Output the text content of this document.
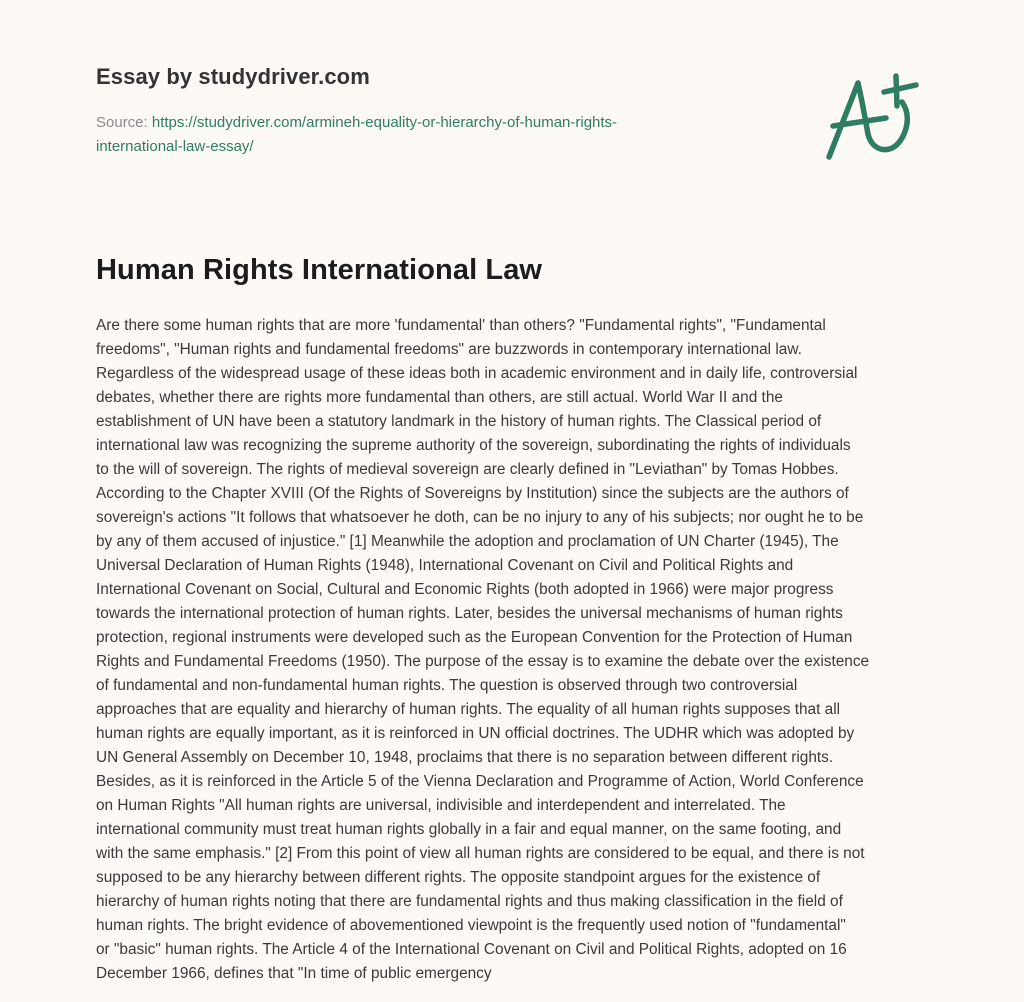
Essay by studydriver.com
Source: https://studydriver.com/armineh-equality-or-hierarchy-of-human-rights-
international-law-essay/
Human Rights International Law
Are there some human rights that are more 'fundamental' than others? "Fundamental rights", "Fundamental
freedoms", "Human rights and fundamental freedoms" are buzzwords in contemporary international law.
Regardless of the widespread usage of these ideas both in academic environment and in daily life, controversial
debates, whether there are rights more fundamental than others, are still actual. World War II and the
establishment of UN have been a statutory landmark in the history of human rights. The Classical period of
international law was recognizing the supreme authority of the sovereign, subordinating the rights of individuals
to the will of sovereign. The rights of medieval sovereign are clearly defined in "Leviathan" by Tomas Hobbes.
According to the Chapter XVIII (Of the Rights of Sovereigns by Institution) since the subjects are the authors of
sovereign's actions "It follows that whatsoever he doth, can be no injury to any of his subjects; nor ought he to be
by any of them accused of injustice." [1] Meanwhile the adoption and proclamation of UN Charter (1945), The
Universal Declaration of Human Rights (1948), International Covenant on Civil and Political Rights and
International Covenant on Social, Cultural and Economic Rights (both adopted in 1966) were major progress
towards the international protection of human rights. Later, besides the universal mechanisms of human rights
protection, regional instruments were developed such as the European Convention for the Protection of Human
Rights and Fundamental Freedoms (1950). The purpose of the essay is to examine the debate over the existence
of fundamental and non-fundamental human rights. The question is observed through two controversial
approaches that are equality and hierarchy of human rights. The equality of all human rights supposes that all
human rights are equally important, as it is reinforced in UN official doctrines. The UDHR which was adopted by
UN General Assembly on December 10, 1948, proclaims that there is no separation between different rights.
Besides, as it is reinforced in the Article 5 of the Vienna Declaration and Programme of Action, World Conference
on Human Rights "All human rights are universal, indivisible and interdependent and interrelated. The
international community must treat human rights globally in a fair and equal manner, on the same footing, and
with the same emphasis." [2] From this point of view all human rights are considered to be equal, and there is not
supposed to be any hierarchy between different rights. The opposite standpoint argues for the existence of
hierarchy of human rights noting that there are fundamental rights and thus making classification in the field of
human rights. The bright evidence of abovementioned viewpoint is the frequently used notion of "fundamental"
or "basic" human rights. The Article 4 of the International Covenant on Civil and Political Rights, adopted on 16
December 1966, defines that "In time of public emergency
